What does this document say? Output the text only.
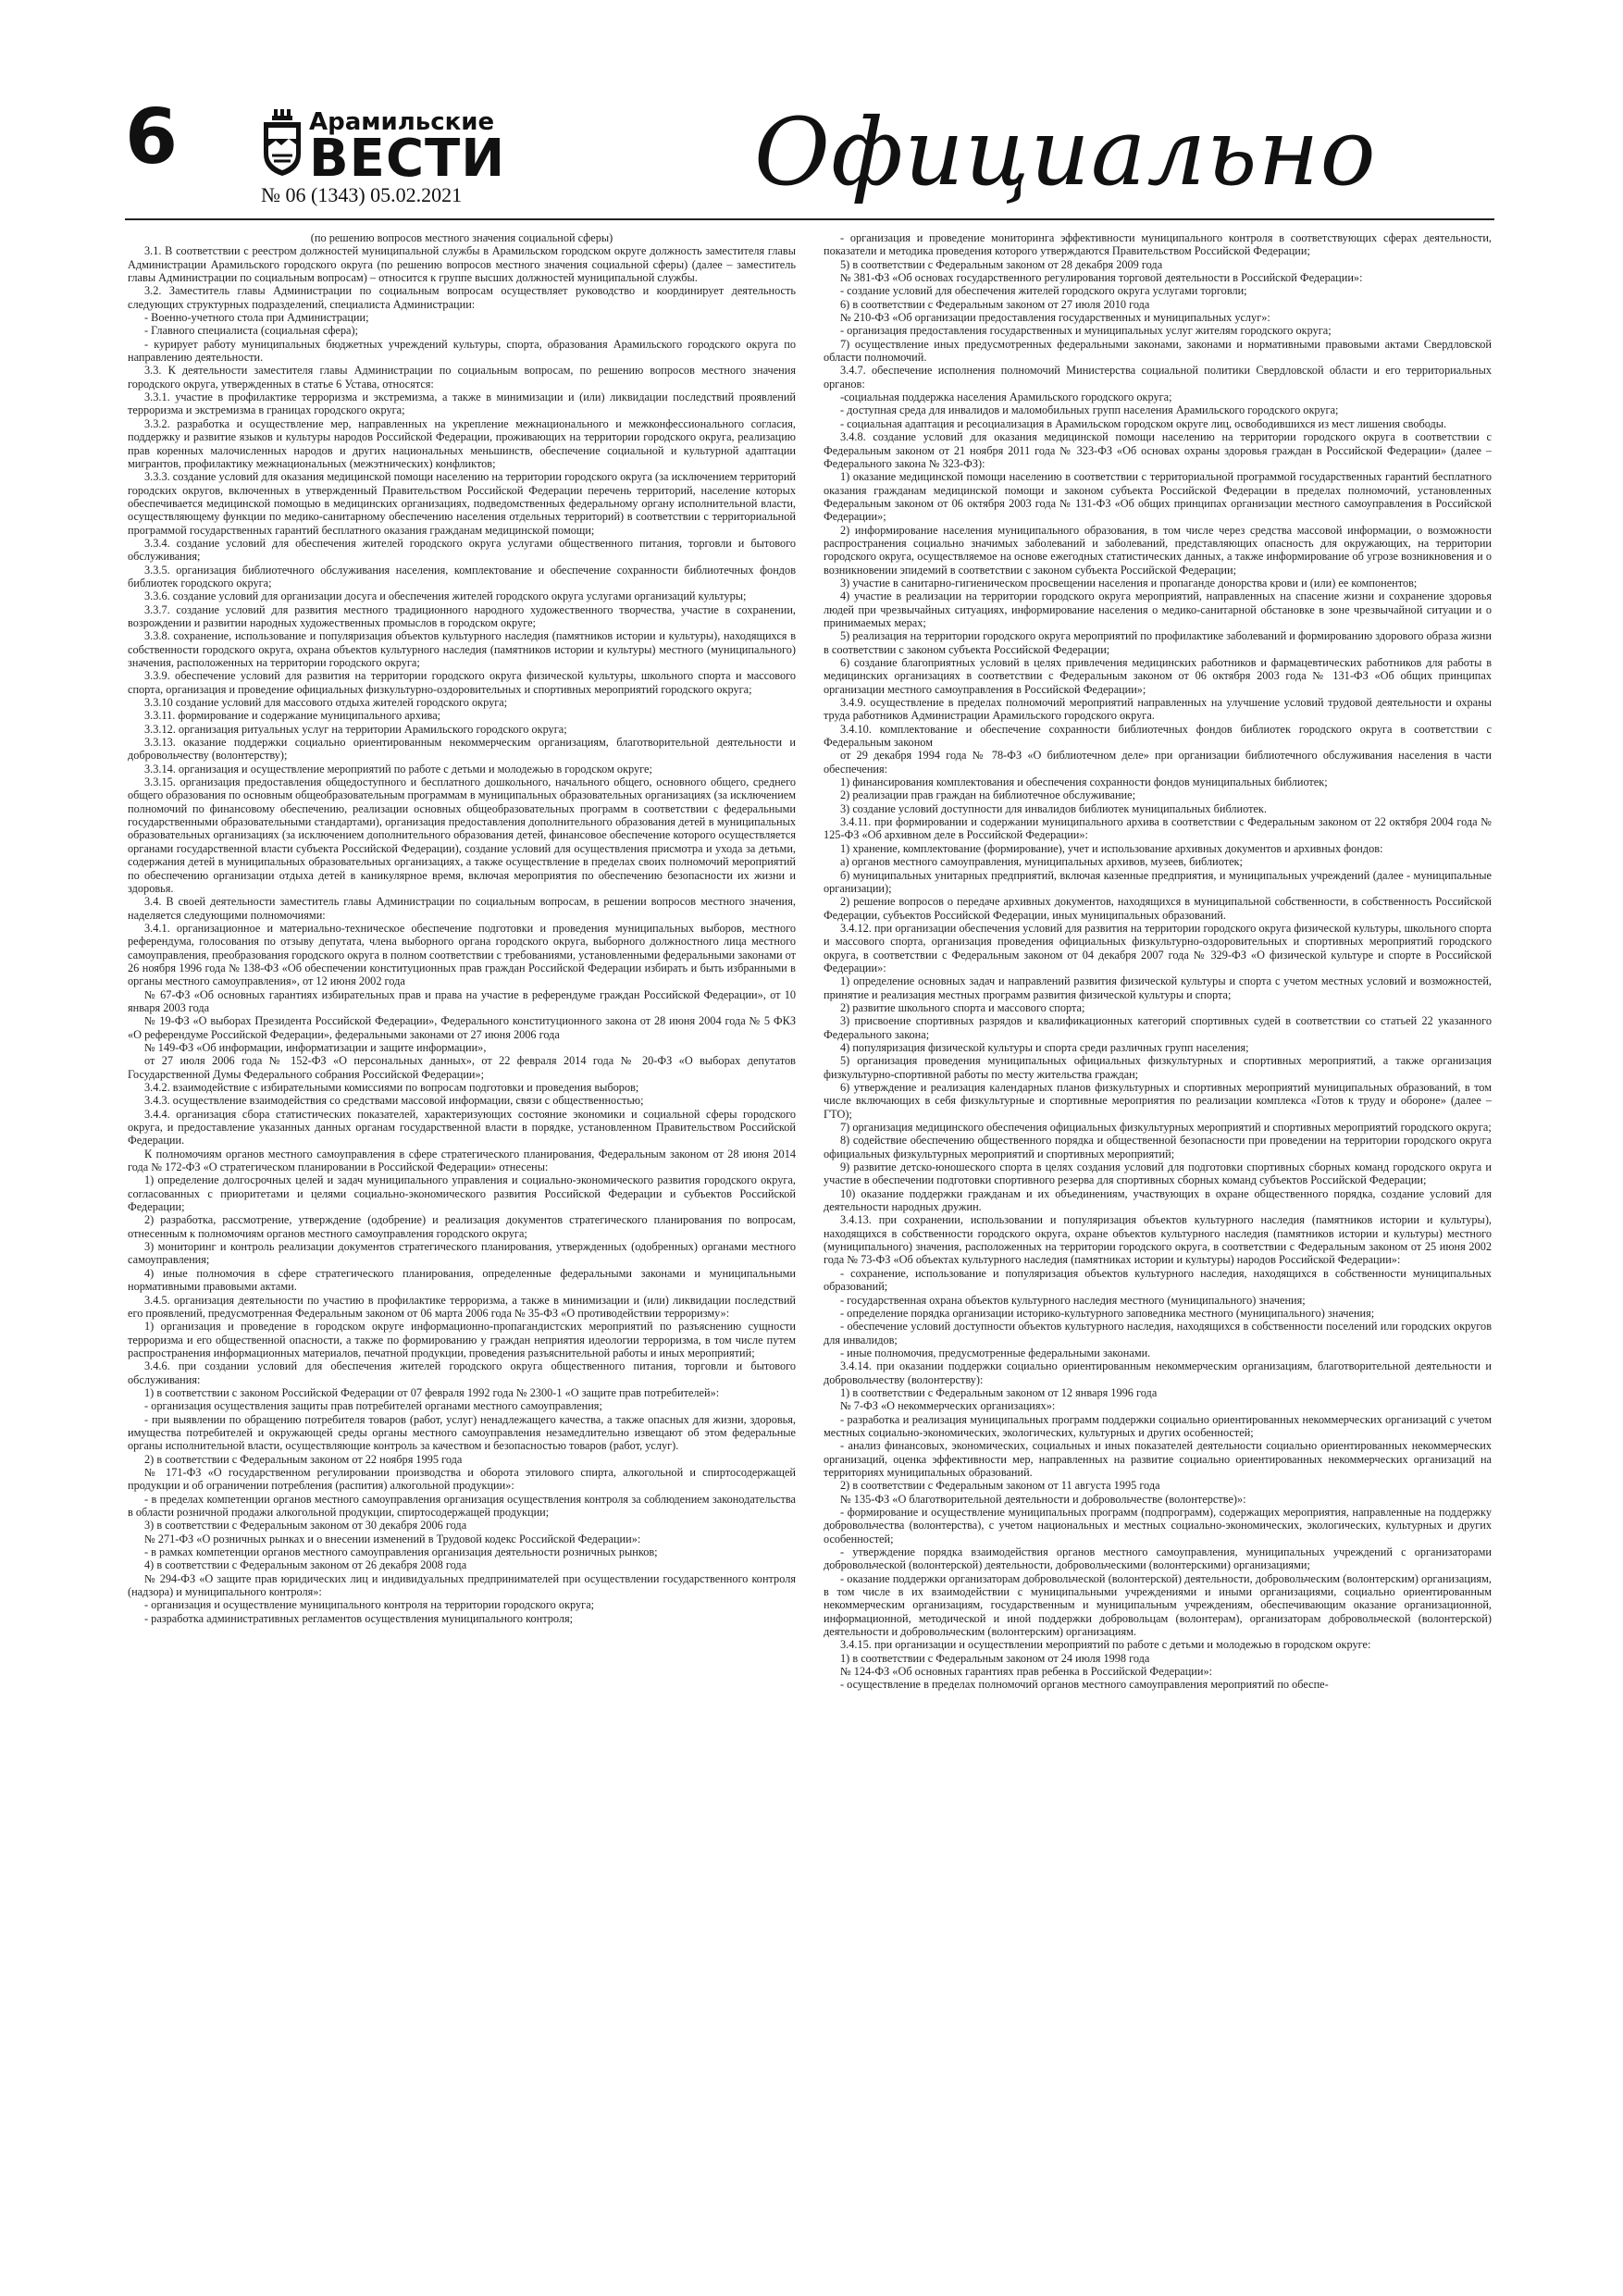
6	Арамильские
ВЕСТИ
№ 06 (1343) 05.02.2021	Официально

(по решению вопросов местного значения социальной сферы)

3.1. В соответствии с реестром должностей муниципальной службы в Арамильском городском округе должность заместителя главы Администрации Арамильского городского округа (по решению вопросов местного значения социальной сферы) (далее – заместитель главы Администрации по социальным вопросам) – относится к группе высших должностей муниципальной службы.

3.2. Заместитель главы Администрации по социальным вопросам осуществляет руководство и координирует деятельность следующих структурных подразделений, специалиста Администрации:

- Военно-учетного стола при Администрации;

- Главного специалиста (социальная сфера);

- курирует работу муниципальных бюджетных учреждений культуры, спорта, образования Арамильского городского округа по направлению деятельности.

3.3. К деятельности заместителя главы Администрации по социальным вопросам, по решению вопросов местного значения городского округа, утвержденных в статье 6 Устава, относятся:

3.3.1. участие в профилактике терроризма и экстремизма, а также в минимизации и (или) ликвидации последствий проявлений терроризма и экстремизма в границах городского округа;

3.3.2. разработка и осуществление мер, направленных на укрепление межнационального и межконфессионального согласия, поддержку и развитие языков и культуры народов Российской Федерации, проживающих на территории городского округа, реализацию прав коренных малочисленных народов и других национальных меньшинств, обеспечение социальной и культурной адаптации мигрантов, профилактику межнациональных (межэтнических) конфликтов;

3.3.3. создание условий для оказания медицинской помощи населению на территории городского округа (за исключением территорий городских округов, включенных в утвержденный Правительством Российской Федерации перечень территорий, население которых обеспечивается медицинской помощью в медицинских организациях, подведомственных федеральному органу исполнительной власти, осуществляющему функции по медико-санитарному обеспечению населения отдельных территорий) в соответствии с территориальной программой государственных гарантий бесплатного оказания гражданам медицинской помощи;

3.3.4. создание условий для обеспечения жителей городского округа услугами общественного питания, торговли и бытового обслуживания;

3.3.5. организация библиотечного обслуживания населения, комплектование и обеспечение сохранности библиотечных фондов библиотек городского округа;

3.3.6. создание условий для организации досуга и обеспечения жителей городского округа услугами организаций культуры;

3.3.7. создание условий для развития местного традиционного народного художественного творчества, участие в сохранении, возрождении и развитии народных художественных промыслов в городском округе;

3.3.8. сохранение, использование и популяризация объектов культурного наследия (памятников истории и культуры), находящихся в собственности городского округа, охрана объектов культурного наследия (памятников истории и культуры) местного (муниципального) значения, расположенных на территории городского округа;

3.3.9. обеспечение условий для развития на территории городского округа физической культуры, школьного спорта и массового спорта, организация и проведение официальных физкультурно-оздоровительных и спортивных мероприятий городского округа;

3.3.10 создание условий для массового отдыха жителей городского округа;

3.3.11. формирование и содержание муниципального архива;

3.3.12. организация ритуальных услуг на территории Арамильского городского округа;

3.3.13. оказание поддержки социально ориентированным некоммерческим организациям, благотворительной деятельности и добровольчеству (волонтерству);

3.3.14. организация и осуществление мероприятий по работе с детьми и молодежью в городском округе;

3.3.15. организация предоставления общедоступного и бесплатного дошкольного, начального общего, основного общего, среднего общего образования по основным общеобразовательным программам в муниципальных образовательных организациях (за исключением полномочий по финансовому обеспечению, реализации основных общеобразовательных программ в соответствии с федеральными государственными образовательными стандартами), организация предоставления дополнительного образования детей в муниципальных образовательных организациях (за исключением дополнительного образования детей, финансовое обеспечение которого осуществляется органами государственной власти субъекта Российской Федерации), создание условий для осуществления присмотра и ухода за детьми, содержания детей в муниципальных образовательных организациях, а также осуществление в пределах своих полномочий мероприятий по обеспечению организации отдыха детей в каникулярное время, включая мероприятия по обеспечению безопасности их жизни и здоровья.

3.4. В своей деятельности заместитель главы Администрации по социальным вопросам, в решении вопросов местного значения, наделяется следующими полномочиями:

3.4.1. организационное и материально-техническое обеспечение подготовки и проведения муниципальных выборов, местного референдума, голосования по отзыву депутата, члена выборного органа городского округа, выборного должностного лица местного самоуправления, преобразования городского округа в полном соответствии с требованиями, установленными федеральными законами от 26 ноября 1996 года № 138-ФЗ «Об обеспечении конституционных прав граждан Российской Федерации избирать и быть избранными в органы местного самоуправления», от 12 июня 2002 года

№ 67-ФЗ «Об основных гарантиях избирательных прав и права на участие в референдуме граждан Российской Федерации», от 10 января 2003 года

№ 19-ФЗ «О выборах Президента Российской Федерации», Федерального конституционного закона от 28 июня 2004 года № 5 ФКЗ «О референдуме Российской Федерации», федеральными законами от 27 июня 2006 года

№ 149-ФЗ «Об информации, информатизации и защите информации»,

от 27 июля 2006 года № 152-ФЗ «О персональных данных», от 22 февраля 2014 года № 20-ФЗ «О выборах депутатов Государственной Думы Федерального собрания Российской Федерации»;

3.4.2. взаимодействие с избирательными комиссиями по вопросам подготовки и проведения выборов;

3.4.3. осуществление взаимодействия со средствами массовой информации, связи с общественностью;

3.4.4. организация сбора статистических показателей, характеризующих состояние экономики и социальной сферы городского округа, и предоставление указанных данных органам государственной власти в порядке, установленном Правительством Российской Федерации.

К полномочиям органов местного самоуправления в сфере стратегического планирования, Федеральным законом от 28 июня 2014 года № 172-ФЗ «О стратегическом планировании в Российской Федерации» отнесены:

1) определение долгосрочных целей и задач муниципального управления и социально-экономического развития городского округа, согласованных с приоритетами и целями социально-экономического развития Российской Федерации и субъектов Российской Федерации;

2) разработка, рассмотрение, утверждение (одобрение) и реализация документов стратегического планирования по вопросам, отнесенным к полномочиям органов местного самоуправления городского округа;

3) мониторинг и контроль реализации документов стратегического планирования, утвержденных (одобренных) органами местного самоуправления;

4) иные полномочия в сфере стратегического планирования, определенные федеральными законами и муниципальными нормативными правовыми актами.

3.4.5. организация деятельности по участию в профилактике терроризма, а также в минимизации и (или) ликвидации последствий его проявлений, предусмотренная Федеральным законом от 06 марта 2006 года № 35-ФЗ «О противодействии терроризму»:

1) организация и проведение в городском округе информационно-пропагандистских мероприятий по разъяснению сущности терроризма и его общественной опасности, а также по формированию у граждан неприятия идеологии терроризма, в том числе путем распространения информационных материалов, печатной продукции, проведения разъяснительной работы и иных мероприятий;

3.4.6. при создании условий для обеспечения жителей городского округа общественного питания, торговли и бытового обслуживания:

1) в соответствии с законом Российской Федерации от 07 февраля 1992 года № 2300-1 «О защите прав потребителей»:

- организация осуществления защиты прав потребителей органами местного самоуправления;

- при выявлении по обращению потребителя товаров (работ, услуг) ненадлежащего качества, а также опасных для жизни, здоровья, имущества потребителей и окружающей среды органы местного самоуправления незамедлительно извещают об этом федеральные органы исполнительной власти, осуществляющие контроль за качеством и безопасностью товаров (работ, услуг).

2) в соответствии с Федеральным законом от 22 ноября 1995 года

№ 171-ФЗ «О государственном регулировании производства и оборота этилового спирта, алкогольной и спиртосодержащей продукции и об ограничении потребления (распития) алкогольной продукции»:

- в пределах компетенции органов местного самоуправления организация осуществления контроля за соблюдением законодательства в области розничной продажи алкогольной продукции, спиртосодержащей продукции;

3) в соответствии с Федеральным законом от 30 декабря 2006 года

№ 271-ФЗ «О розничных рынках и о внесении изменений в Трудовой кодекс Российской Федерации»:

- в рамках компетенции органов местного самоуправления организация деятельности розничных рынков;

4) в соответствии с Федеральным законом от 26 декабря 2008 года

№ 294-ФЗ «О защите прав юридических лиц и индивидуальных предпринимателей при осуществлении государственного контроля (надзора) и муниципального контроля»:

- организация и осуществление муниципального контроля на территории городского округа;

- разработка административных регламентов осуществления муниципального контроля;

- организация и проведение мониторинга эффективности муниципального контроля в соответствующих сферах деятельности, показатели и методика проведения которого утверждаются Правительством Российской Федерации;

5) в соответствии с Федеральным законом от 28 декабря 2009 года

№ 381-ФЗ «Об основах государственного регулирования торговой деятельности в Российской Федерации»:

- создание условий для обеспечения жителей городского округа услугами торговли;

6) в соответствии с Федеральным законом от 27 июля 2010 года

№ 210-ФЗ «Об организации предоставления государственных и муниципальных услуг»:

- организация предоставления государственных и муниципальных услуг жителям городского округа;

7) осуществление иных предусмотренных федеральными законами, законами и нормативными правовыми актами Свердловской области полномочий.

3.4.7. обеспечение исполнения полномочий Министерства социальной политики Свердловской области и его территориальных органов:

-социальная поддержка населения Арамильского городского округа;

- доступная среда для инвалидов и маломобильных групп населения Арамильского городского округа;

- социальная адаптация и ресоциализация в Арамильском городском округе лиц, освободившихся из мест лишения свободы.

3.4.8. создание условий для оказания медицинской помощи населению на территории городского округа в соответствии с Федеральным законом от 21 ноября 2011 года № 323-ФЗ «Об основах охраны здоровья граждан в Российской Федерации» (далее – Федерального закона № 323-ФЗ):

1) оказание медицинской помощи населению в соответствии с территориальной программой государственных гарантий бесплатного оказания гражданам медицинской помощи и законом субъекта Российской Федерации в пределах полномочий, установленных Федеральным законом от 06 октября 2003 года № 131-ФЗ «Об общих принципах организации местного самоуправления в Российской Федерации»;

2) информирование населения муниципального образования, в том числе через средства массовой информации, о возможности распространения социально значимых заболеваний и заболеваний, представляющих опасность для окружающих, на территории городского округа, осуществляемое на основе ежегодных статистических данных, а также информирование об угрозе возникновения и о возникновении эпидемий в соответствии с законом субъекта Российской Федерации;

3) участие в санитарно-гигиеническом просвещении населения и пропаганде донорства крови и (или) ее компонентов;

4) участие в реализации на территории городского округа мероприятий, направленных на спасение жизни и сохранение здоровья людей при чрезвычайных ситуациях, информирование населения о медико-санитарной обстановке в зоне чрезвычайной ситуации и о принимаемых мерах;

5) реализация на территории городского округа мероприятий по профилактике заболеваний и формированию здорового образа жизни в соответствии с законом субъекта Российской Федерации;

6) создание благоприятных условий в целях привлечения медицинских работников и фармацевтических работников для работы в медицинских организациях в соответствии с Федеральным законом от 06 октября 2003 года № 131-ФЗ «Об общих принципах организации местного самоуправления в Российской Федерации»;

3.4.9. осуществление в пределах полномочий мероприятий направленных на улучшение условий трудовой деятельности и охраны труда работников Администрации Арамильского городского округа.

3.4.10. комплектование и обеспечение сохранности библиотечных фондов библиотек городского округа в соответствии с Федеральным законом

от 29 декабря 1994 года № 78-ФЗ «О библиотечном деле» при организации библиотечного обслуживания населения в части обеспечения:

1) финансирования комплектования и обеспечения сохранности фондов муниципальных библиотек;

2) реализации прав граждан на библиотечное обслуживание;

3) создание условий доступности для инвалидов библиотек муниципальных библиотек.

3.4.11. при формировании и содержании муниципального архива в соответствии с Федеральным законом от 22 октября 2004 года № 125-ФЗ «Об архивном деле в Российской Федерации»:

1) хранение, комплектование (формирование), учет и использование архивных документов и архивных фондов:

а) органов местного самоуправления, муниципальных архивов, музеев, библиотек;

б) муниципальных унитарных предприятий, включая казенные предприятия, и муниципальных учреждений (далее - муниципальные организации);

2) решение вопросов о передаче архивных документов, находящихся в муниципальной собственности, в собственность Российской Федерации, субъектов Российской Федерации, иных муниципальных образований.

3.4.12. при организации обеспечения условий для развития на территории городского округа физической культуры, школьного спорта и массового спорта, организация проведения официальных физкультурно-оздоровительных и спортивных мероприятий городского округа, в соответствии с Федеральным законом от 04 декабря 2007 года № 329-ФЗ «О физической культуре и спорте в Российской Федерации»:

1) определение основных задач и направлений развития физической культуры и спорта с учетом местных условий и возможностей, принятие и реализация местных программ развития физической культуры и спорта;

2) развитие школьного спорта и массового спорта;

3) присвоение спортивных разрядов и квалификационных категорий спортивных судей в соответствии со статьей 22 указанного Федерального закона;

4) популяризация физической культуры и спорта среди различных групп населения;

5) организация проведения муниципальных официальных физкультурных и спортивных мероприятий, а также организация физкультурно-спортивной работы по месту жительства граждан;

6) утверждение и реализация календарных планов физкультурных и спортивных мероприятий муниципальных образований, в том числе включающих в себя физкультурные и спортивные мероприятия по реализации комплекса «Готов к труду и обороне» (далее – ГТО);

7) организация медицинского обеспечения официальных физкультурных мероприятий и спортивных мероприятий городского округа;

8) содействие обеспечению общественного порядка и общественной безопасности при проведении на территории городского округа официальных физкультурных мероприятий и спортивных мероприятий;

9) развитие детско-юношеского спорта в целях создания условий для подготовки спортивных сборных команд городского округа и участие в обеспечении подготовки спортивного резерва для спортивных сборных команд субъектов Российской Федерации;

10) оказание поддержки гражданам и их объединениям, участвующих в охране общественного порядка, создание условий для деятельности народных дружин.

3.4.13. при сохранении, использовании и популяризация объектов культурного наследия (памятников истории и культуры), находящихся в собственности городского округа, охране объектов культурного наследия (памятников истории и культуры) местного (муниципального) значения, расположенных на территории городского округа, в соответствии с Федеральным законом от 25 июня 2002 года № 73-ФЗ «Об объектах культурного наследия (памятниках истории и культуры) народов Российской Федерации»:

- сохранение, использование и популяризация объектов культурного наследия, находящихся в собственности муниципальных образований;

- государственная охрана объектов культурного наследия местного (муниципального) значения;

- определение порядка организации историко-культурного заповедника местного (муниципального) значения;

- обеспечение условий доступности объектов культурного наследия, находящихся в собственности поселений или городских округов для инвалидов;

- иные полномочия, предусмотренные федеральными законами.

3.4.14. при оказании поддержки социально ориентированным некоммерческим организациям, благотворительной деятельности и добровольчеству (волонтерству):

1) в соответствии с Федеральным законом от 12 января 1996 года

№ 7-ФЗ «О некоммерческих организациях»:

- разработка и реализация муниципальных программ поддержки социально ориентированных некоммерческих организаций с учетом местных социально-экономических, экологических, культурных и других особенностей;

- анализ финансовых, экономических, социальных и иных показателей деятельности социально ориентированных некоммерческих организаций, оценка эффективности мер, направленных на развитие социально ориентированных некоммерческих организаций на территориях муниципальных образований.

2) в соответствии с Федеральным законом от 11 августа 1995 года

№ 135-ФЗ «О благотворительной деятельности и добровольчестве (волонтерстве)»:

- формирование и осуществление муниципальных программ (подпрограмм), содержащих мероприятия, направленные на поддержку добровольчества (волонтерства), с учетом национальных и местных социально-экономических, экологических, культурных и других особенностей;

- утверждение порядка взаимодействия органов местного самоуправления, муниципальных учреждений с организаторами добровольческой (волонтерской) деятельности, добровольческими (волонтерскими) организациями;

- оказание поддержки организаторам добровольческой (волонтерской) деятельности, добровольческим (волонтерским) организациям, в том числе в их взаимодействии с муниципальными учреждениями и иными организациями, социально ориентированным некоммерческим организациям, государственным и муниципальным учреждениям, обеспечивающим оказание организационной, информационной, методической и иной поддержки добровольцам (волонтерам), организаторам добровольческой (волонтерской) деятельности и добровольческим (волонтерским) организациям.

3.4.15. при организации и осуществлении мероприятий по работе с детьми и молодежью в городском округе:

1) в соответствии с Федеральным законом от 24 июля 1998 года

№ 124-ФЗ «Об основных гарантиях прав ребенка в Российской Федерации»:

- осуществление в пределах полномочий органов местного самоуправления мероприятий по обеспе-
